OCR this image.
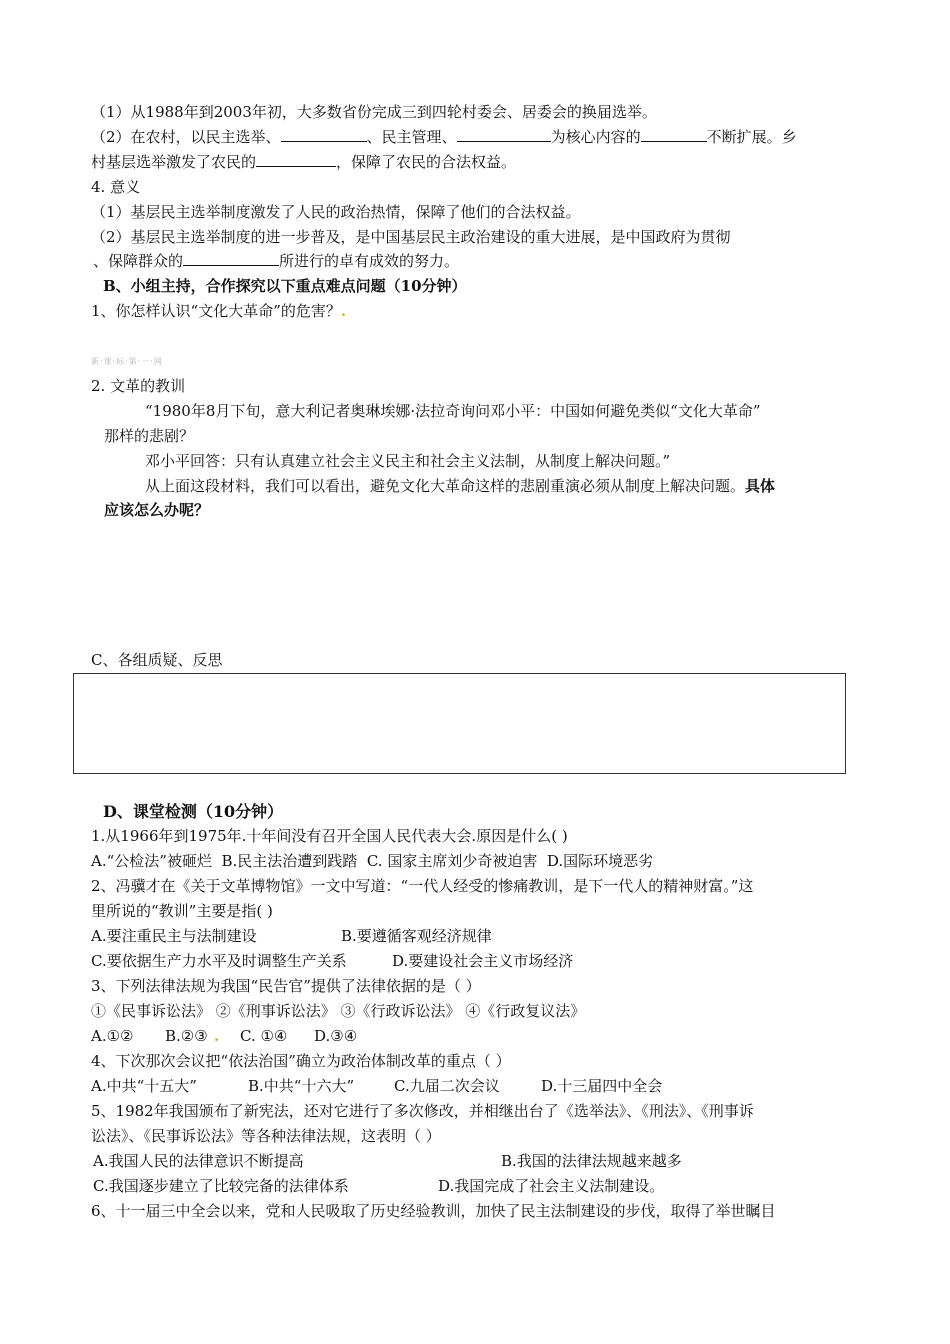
（1）从1988年到2003年初，大多数省份完成三到四轮村委会、居委会的换届选举。
（2）在农村，以民主选举、	、民主管理、	为核心内容的	不断扩展。乡
村基层选举激发了农民的	，保障了农民的合法权益。
4. 意义
（1）基层民主选举制度激发了人民的政治热情，保障了他们的合法权益。
（2）基层民主选举制度的进一步普及，是中国基层民主政治建设的重大进展，是中国政府为贯彻
、保障群众的	所进行的卓有成效的努力。
B、小组主持，合作探究以下重点难点问题（10分钟）
1、你怎样认识“文化大革命”的危害？.
新·课·标·第·一·网
2. 文革的教训
“1980年8月下旬，意大利记者奥琳埃娜·法拉奇询问邓小平：中国如何避免类似“文化大革命”
那样的悲剧？
邓小平回答：只有认真建立社会主义民主和社会主义法制，从制度上解决问题。”
从上面这段材料，我们可以看出，避免文化大革命这样的悲剧重演必须从制度上解决问题。具体
应该怎么办呢？
C、各组质疑、反思
D、课堂检测（10分钟）
1.从1966年到1975年.十年间没有召开全国人民代表大会.原因是什么( )
A.“公检法”被砸烂 B.民主法治遭到践踏 C. 国家主席刘少奇被迫害 D.国际环境恶劣
2、冯骥才在《关于文革博物馆》一文中写道：“一代人经受的惨痛教训，是下一代人的精神财富。”这
里所说的“教训”主要是指( )
A.要注重民主与法制建设	B.要遵循客观经济规律
C.要依据生产力水平及时调整生产关系	D.要建设社会主义市场经济
3、下列法律法规为我国“民告官”提供了法律依据的是（ ）
①《民事诉讼法》 ②《刑事诉讼法》 ③《行政诉讼法》 ④《行政复议法》
A.①② B.②③ . C. ①④ D.③④
4、下次那次会议把“依法治国”确立为政治体制改革的重点（ ）
A.中共“十五大”	B.中共“十六大”	C.九届二次会议	D.十三届四中全会
5、1982年我国颁布了新宪法，还对它进行了多次修改，并相继出台了《选举法》、《刑法》、《刑事诉
讼法》、《民事诉讼法》等各种法律法规，这表明（ ）
A.我国人民的法律意识不断提高	B.我国的法律法规越来越多
C.我国逐步建立了比较完备的法律体系	D.我国完成了社会主义法制建设。
6、十一届三中全会以来，党和人民吸取了历史经验教训，加快了民主法制建设的步伐，取得了举世瞩目
